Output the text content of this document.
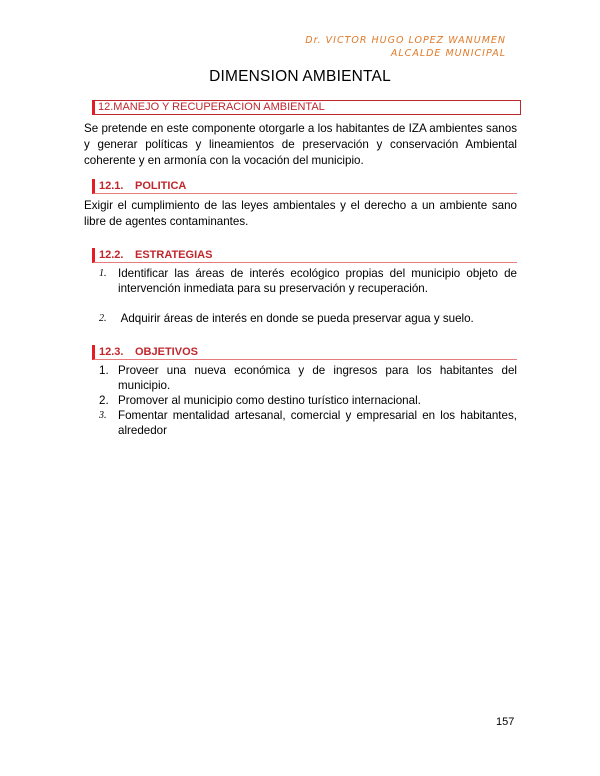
Dr. VICTOR HUGO LOPEZ WANUMEN
ALCALDE MUNICIPAL
DIMENSION AMBIENTAL
12.MANEJO Y RECUPERACION AMBIENTAL
Se pretende en este componente otorgarle a los habitantes de IZA ambientes sanos y generar políticas y lineamientos de preservación y conservación Ambiental coherente y en armonía con la vocación del municipio.
12.1. POLITICA
Exigir el cumplimiento de las leyes ambientales y el derecho a un ambiente sano libre de agentes contaminantes.
12.2. ESTRATEGIAS
1. Identificar las áreas de interés ecológico propias del municipio objeto de intervención inmediata para su preservación y recuperación.
2. Adquirir áreas de interés en donde se pueda preservar agua y suelo.
12.3. OBJETIVOS
1. Proveer una nueva económica y de ingresos para los habitantes del municipio.
2. Promover al municipio como destino turístico internacional.
3. Fomentar mentalidad artesanal, comercial y empresarial en los habitantes, alrededor
157
